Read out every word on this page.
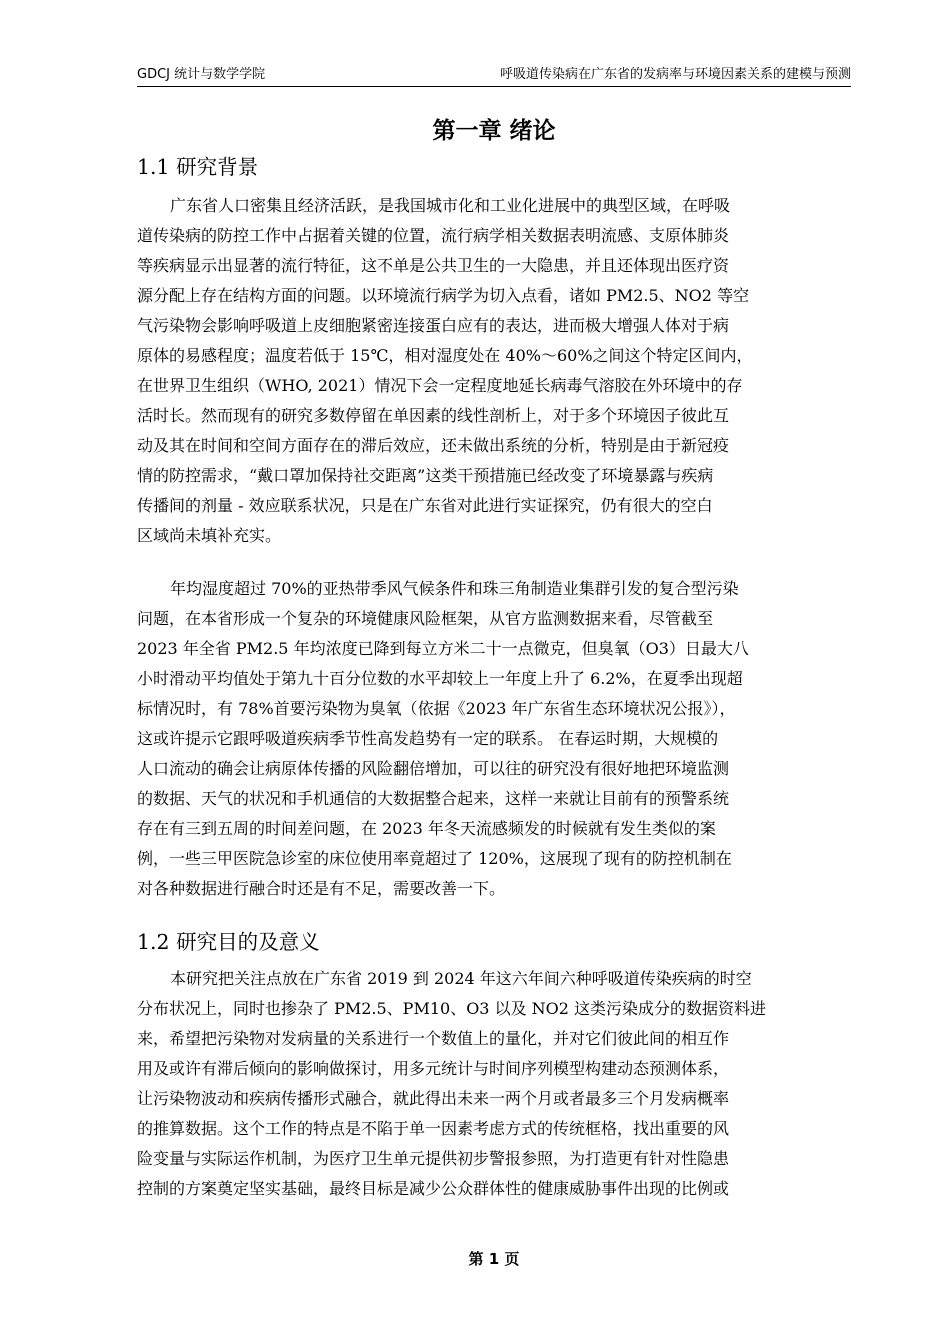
GDCJ 统计与数学学院	呼吸道传染病在广东省的发病率与环境因素关系的建模与预测
第一章 绪论
1.1 研究背景
广东省人口密集且经济活跃，是我国城市化和工业化进展中的典型区域，在呼吸
道传染病的防控工作中占据着关键的位置，流行病学相关数据表明流感、支原体肺炎
等疾病显示出显著的流行特征，这不单是公共卫生的一大隐患，并且还体现出医疗资
源分配上存在结构方面的问题。以环境流行病学为切入点看，诸如 PM2.5、NO2 等空
气污染物会影响呼吸道上皮细胞紧密连接蛋白应有的表达，进而极大增强人体对于病
原体的易感程度；温度若低于 15℃，相对湿度处在 40%～60%之间这个特定区间内，
在世界卫生组织（WHO, 2021）情况下会一定程度地延长病毒气溶胶在外环境中的存
活时长。然而现有的研究多数停留在单因素的线性剖析上，对于多个环境因子彼此互
动及其在时间和空间方面存在的滞后效应，还未做出系统的分析，特别是由于新冠疫
情的防控需求，“戴口罩加保持社交距离”这类干预措施已经改变了环境暴露与疾病
传播间的剂量 - 效应联系状况，只是在广东省对此进行实证探究，仍有很大的空白
区域尚未填补充实。
年均湿度超过 70%的亚热带季风气候条件和珠三角制造业集群引发的复合型污染
问题，在本省形成一个复杂的环境健康风险框架，从官方监测数据来看，尽管截至
2023 年全省 PM2.5 年均浓度已降到每立方米二十一点微克，但臭氧（O3）日最大八
小时滑动平均值处于第九十百分位数的水平却较上一年度上升了 6.2%，在夏季出现超
标情况时，有 78%首要污染物为臭氧（依据《2023 年广东省生态环境状况公报》），
这或许提示它跟呼吸道疾病季节性高发趋势有一定的联系。 在春运时期，大规模的
人口流动的确会让病原体传播的风险翻倍增加，可以往的研究没有很好地把环境监测
的数据、天气的状况和手机通信的大数据整合起来，这样一来就让目前有的预警系统
存在有三到五周的时间差问题，在 2023 年冬天流感频发的时候就有发生类似的案
例，一些三甲医院急诊室的床位使用率竟超过了 120%，这展现了现有的防控机制在
对各种数据进行融合时还是有不足，需要改善一下。
1.2 研究目的及意义
本研究把关注点放在广东省 2019 到 2024 年这六年间六种呼吸道传染疾病的时空
分布状况上，同时也掺杂了 PM2.5、PM10、O3 以及 NO2 这类污染成分的数据资料进
来，希望把污染物对发病量的关系进行一个数值上的量化，并对它们彼此间的相互作
用及或许有滞后倾向的影响做探讨，用多元统计与时间序列模型构建动态预测体系，
让污染物波动和疾病传播形式融合，就此得出未来一两个月或者最多三个月发病概率
的推算数据。这个工作的特点是不陷于单一因素考虑方式的传统框格，找出重要的风
险变量与实际运作机制，为医疗卫生单元提供初步警报参照，为打造更有针对性隐患
控制的方案奠定坚实基础，最终目标是减少公众群体性的健康威胁事件出现的比例或
第 1 页
